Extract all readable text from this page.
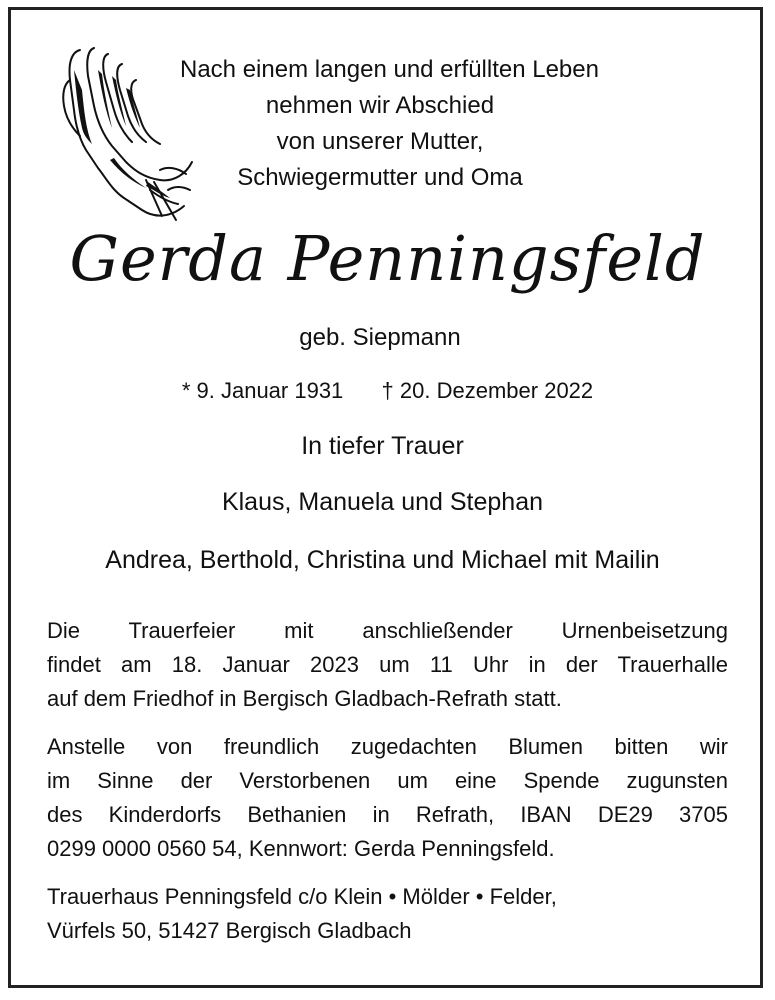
Nach einem langen und erfüllten Leben
nehmen wir Abschied
von unserer Mutter,
Schwiegermutter und Oma
Gerda Penningsfeld
geb. Siepmann
* 9. Januar 1931 † 20. Dezember 2022
In tiefer Trauer
Klaus, Manuela und Stephan
Andrea, Berthold, Christina und Michael mit Mailin
Die Trauerfeier mit anschließender Urnenbeisetzung
findet am 18. Januar 2023 um 11 Uhr in der Trauerhalle
auf dem Friedhof in Bergisch Gladbach-Refrath statt.
Anstelle von freundlich zugedachten Blumen bitten wir
im Sinne der Verstorbenen um eine Spende zugunsten
des Kinderdorfs Bethanien in Refrath, IBAN DE29 3705
0299 0000 0560 54, Kennwort: Gerda Penningsfeld.
Trauerhaus Penningsfeld c/o Klein • Mölder • Felder,
Vürfels 50, 51427 Bergisch Gladbach
